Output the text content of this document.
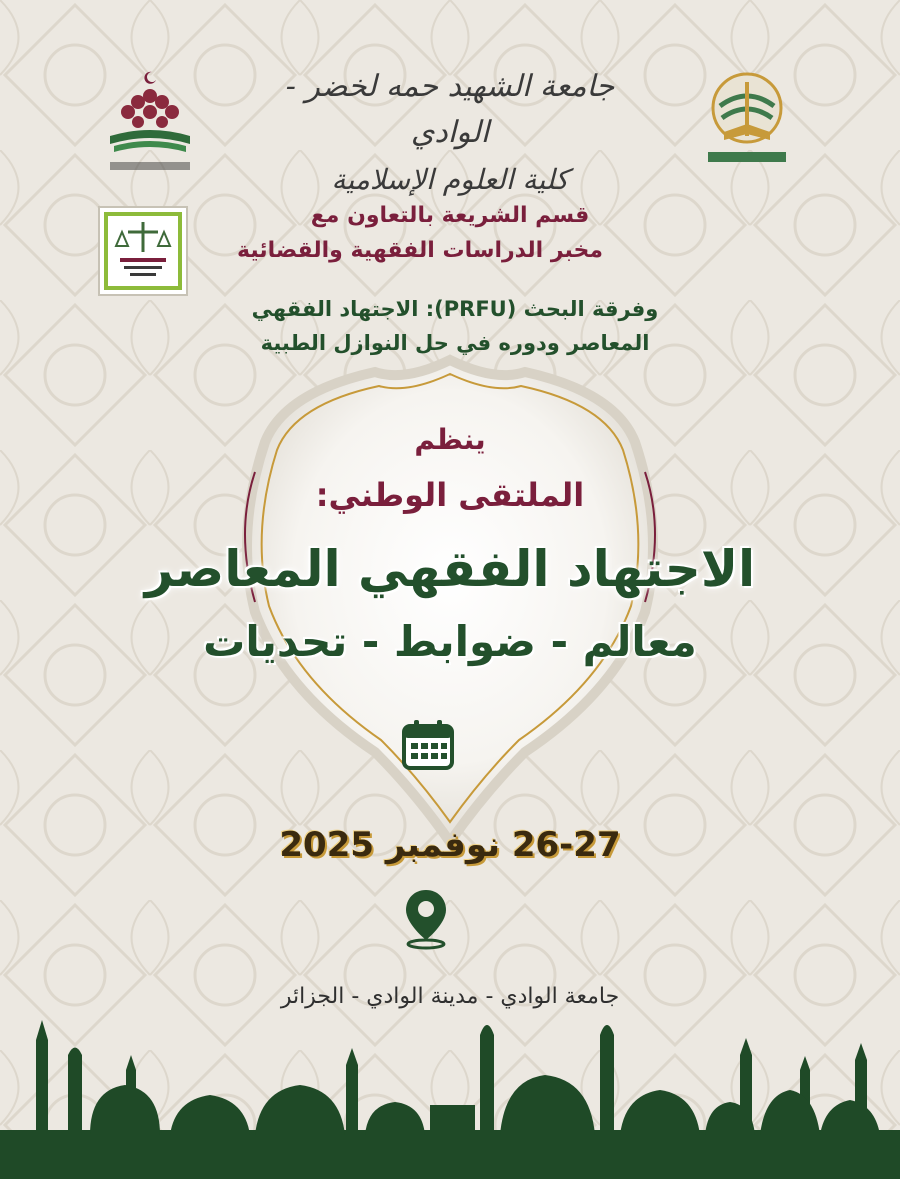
جامعة الشهيد حمه لخضر - الوادي
كلية العلوم الإسلامية
قسم الشريعة بالتعاون مع
مخبر الدراسات الفقهية والقضائية
وفرقة البحث (PRFU): الاجتهاد الفقهي
المعاصر ودوره في حل النوازل الطبية
ينظم
الملتقى الوطني:
الاجتهاد الفقهي المعاصر
معالم - ضوابط - تحديات
26-27 نوفمبر 2025
جامعة الوادي - مدينة الوادي - الجزائر
